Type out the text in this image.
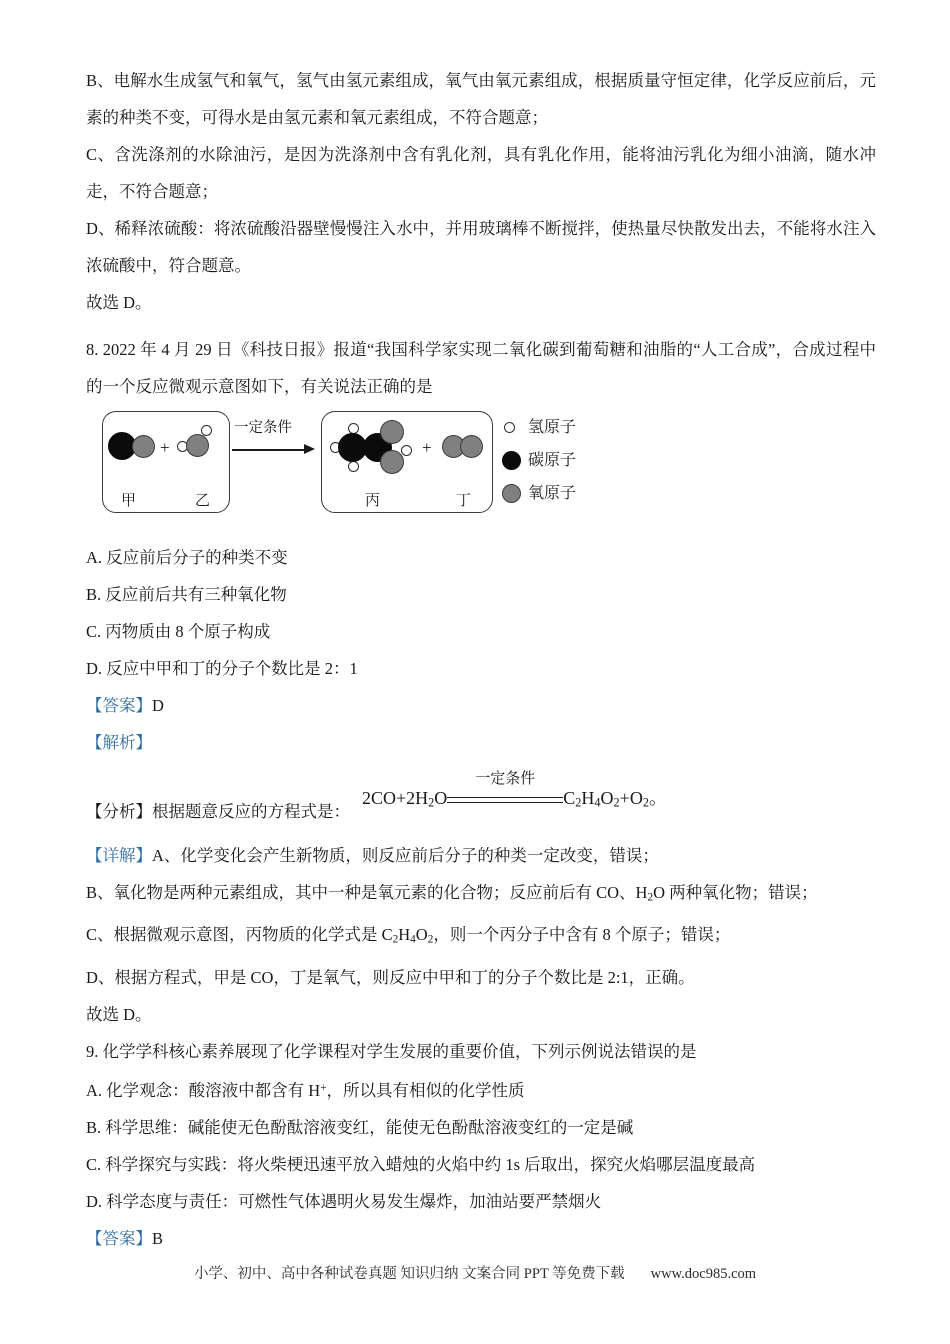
B、电解水生成氢气和氧气，氢气由氢元素组成，氧气由氧元素组成，根据质量守恒定律，化学反应前后，元素的种类不变，可得水是由氢元素和氧元素组成，不符合题意；

C、含洗涤剂的水除油污，是因为洗涤剂中含有乳化剂，具有乳化作用，能将油污乳化为细小油滴，随水冲走，不符合题意；

D、稀释浓硫酸：将浓硫酸沿器壁慢慢注入水中，并用玻璃棒不断搅拌，使热量尽快散发出去，不能将水注入浓硫酸中，符合题意。

故选 D。

8. 2022 年 4 月 29 日《科技日报》报道“我国科学家实现二氧化碳到葡萄糖和油脂的“人工合成”，合成过程中的一个反应微观示意图如下，有关说法正确的是

+
甲	乙
一定条件
+
丙	丁
氢原子
碳原子
氧原子

A. 反应前后分子的种类不变

B. 反应前后共有三种氧化物

C. 丙物质由 8 个原子构成

D. 反应中甲和丁的分子个数比是 2：1

【答案】D

【解析】

【分析】根据题意反应的方程式是：
$2CO+2H_2O$
一定条件
$C_2H_4O_2+O_2$。

【详解】A、化学变化会产生新物质，则反应前后分子的种类一定改变，错误；

B、氧化物是两种元素组成，其中一种是氧元素的化合物；反应前后有 CO、$H_2O$ 两种氧化物；错误；

C、根据微观示意图，丙物质的化学式是 $C_2H_4O_2$，则一个丙分子中含有 8 个原子；错误；

D、根据方程式，甲是 CO，丁是氧气，则反应中甲和丁的分子个数比是 2:1，正确。

故选 D。

9. 化学学科核心素养展现了化学课程对学生发展的重要价值，下列示例说法错误的是

A. 化学观念：酸溶液中都含有 H+，所以具有相似的化学性质

B. 科学思维：碱能使无色酚酞溶液变红，能使无色酚酞溶液变红的一定是碱

C. 科学探究与实践：将火柴梗迅速平放入蜡烛的火焰中约 1s 后取出，探究火焰哪层温度最高

D. 科学态度与责任：可燃性气体遇明火易发生爆炸，加油站要严禁烟火

【答案】B

小学、初中、高中各种试卷真题 知识归纳 文案合同 PPT 等免费下载 www.doc985.com
